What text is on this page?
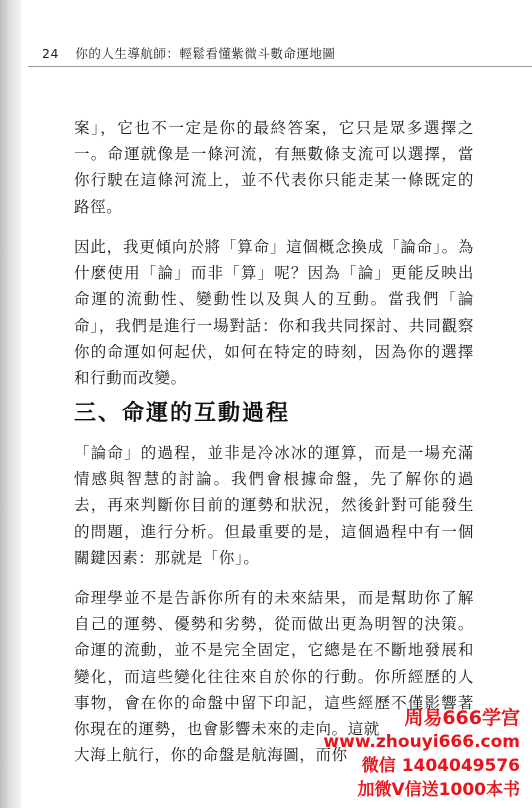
24 你的人生導航師：輕鬆看懂紫微斗數命運地圖

案」，它也不一定是你的最終答案，它只是眾多選擇之一。命運就像是一條河流，有無數條支流可以選擇，當你行駛在這條河流上，並不代表你只能走某一條既定的路徑。

因此，我更傾向於將「算命」這個概念換成「論命」。為什麼使用「論」而非「算」呢？因為「論」更能反映出命運的流動性、變動性以及與人的互動。當我們「論命」，我們是進行一場對話：你和我共同探討、共同觀察你的命運如何起伏，如何在特定的時刻，因為你的選擇和行動而改變。

三、命運的互動過程

「論命」的過程，並非是冷冰冰的運算，而是一場充滿情感與智慧的討論。我們會根據命盤，先了解你的過去，再來判斷你目前的運勢和狀況，然後針對可能發生的問題，進行分析。但最重要的是，這個過程中有一個關鍵因素：那就是「你」。

命理學並不是告訴你所有的未來結果，而是幫助你了解自己的運勢、優勢和劣勢，從而做出更為明智的決策。命運的流動，並不是完全固定，它總是在不斷地發展和變化，而這些變化往往來自於你的行動。你所經歷的人事物，會在你的命盤中留下印記，這些經歷不僅影響著你現在的運勢，也會影響未來的走向。這就

大海上航行，你的命盤是航海圖，而你

周易666学宫
www.zhouyi666.com
微信 1404049576
加微V信送1000本书
